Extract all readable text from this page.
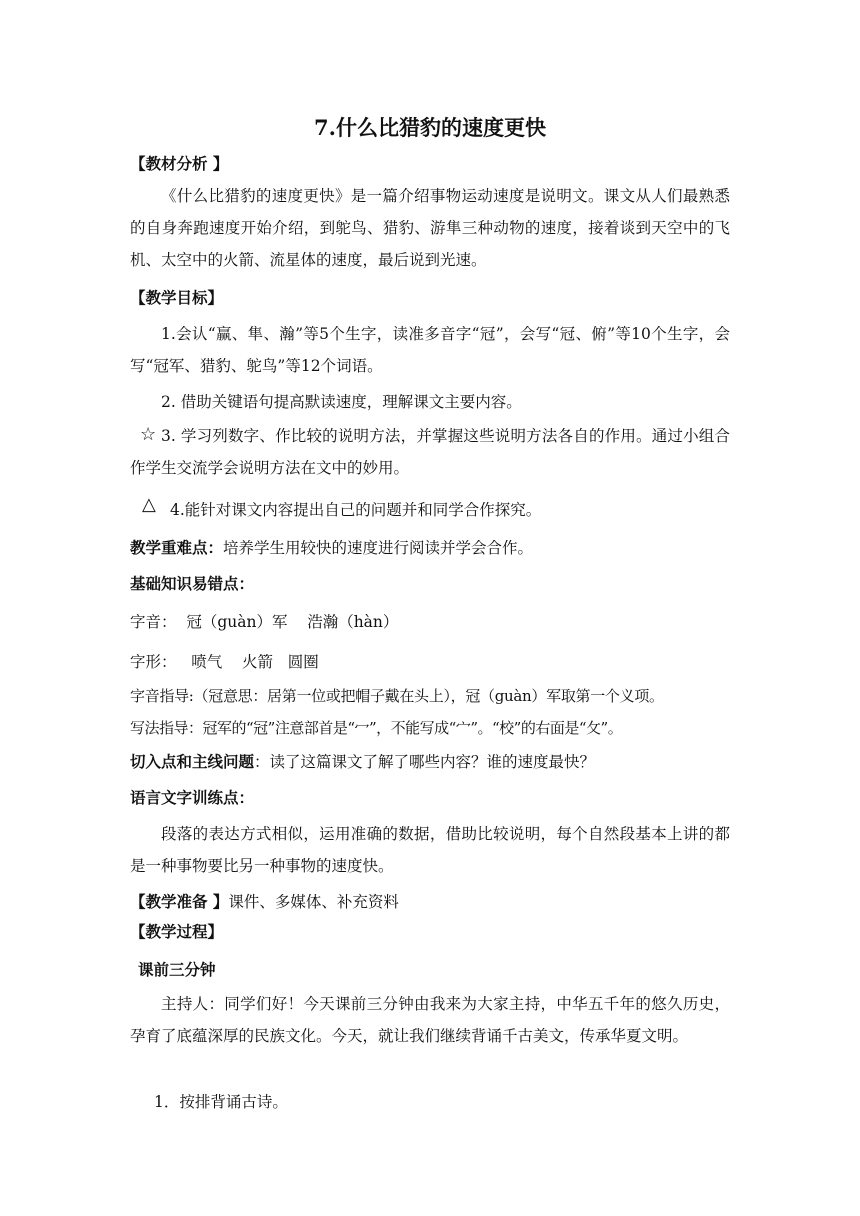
7.什么比猎豹的速度更快
【教材分析 】
《什么比猎豹的速度更快》是一篇介绍事物运动速度是说明文。课文从人们最熟悉的自身奔跑速度开始介绍，到鸵鸟、猎豹、游隼三种动物的速度，接着谈到天空中的飞机、太空中的火箭、流星体的速度，最后说到光速。
【教学目标】
1.会认“赢、隼、瀚”等5个生字，读准多音字“冠”，会写“冠、俯”等10个生字，会写“冠军、猎豹、鸵鸟”等12个词语。
2. 借助关键语句提高默读速度，理解课文主要内容。
☆ 3. 学习列数字、作比较的说明方法，并掌握这些说明方法各自的作用。通过小组合作学生交流学会说明方法在文中的妙用。
△ 4.能针对课文内容提出自己的问题并和同学合作探究。
教学重难点：培养学生用较快的速度进行阅读并学会合作。
基础知识易错点：
字音：  冠（guàn）军    浩瀚（hàn）
字形：   喷气    火箭   圆圈
字音指导:（冠意思：居第一位或把帽子戴在头上），冠（guàn）军取第一个义项。
写法指导：冠军的“冠”注意部首是“冖”，不能写成“宀”。“校”的右面是“攵”。
切入点和主线问题：读了这篇课文了解了哪些内容？谁的速度最快？
语言文字训练点：
段落的表达方式相似，运用准确的数据，借助比较说明，每个自然段基本上讲的都是一种事物要比另一种事物的速度快。
【教学准备 】课件、多媒体、补充资料
【教学过程】
课前三分钟
主持人：同学们好！今天课前三分钟由我来为大家主持，中华五千年的悠久历史，孕育了底蕴深厚的民族文化。今天，就让我们继续背诵千古美文，传承华夏文明。
1．按排背诵古诗。
